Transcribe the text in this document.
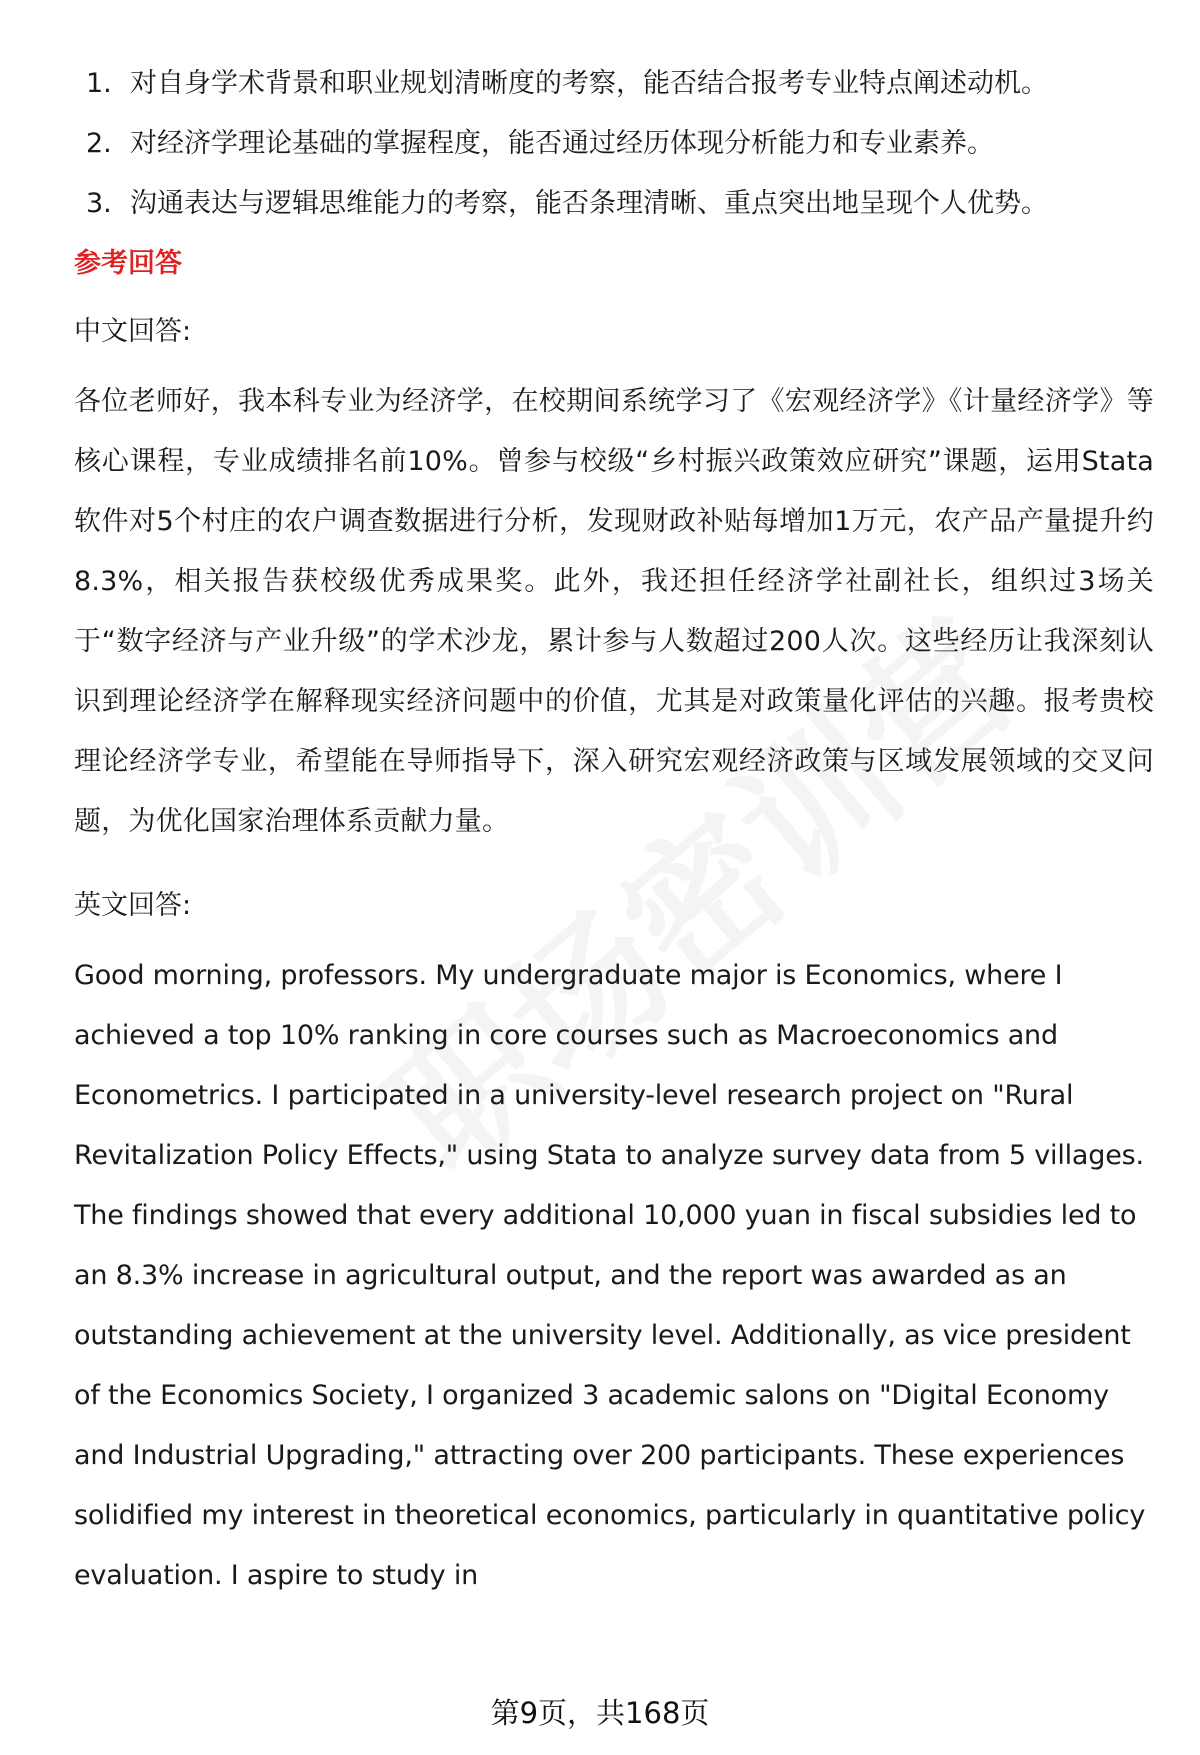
1. 对自身学术背景和职业规划清晰度的考察，能否结合报考专业特点阐述动机。
2. 对经济学理论基础的掌握程度，能否通过经历体现分析能力和专业素养。
3. 沟通表达与逻辑思维能力的考察，能否条理清晰、重点突出地呈现个人优势。
参考回答
中文回答:

各位老师好，我本科专业为经济学，在校期间系统学习了《宏观经济学》《计量经济学》等核心课程，专业成绩排名前10%。曾参与校级“乡村振兴政策效应研究”课题，运用Stata软件对5个村庄的农户调查数据进行分析，发现财政补贴每增加1万元，农产品产量提升约8.3%，相关报告获校级优秀成果奖。此外，我还担任经济学社副社长，组织过3场关于“数字经济与产业升级”的学术沙龙，累计参与人数超过200人次。这些经历让我深刻认识到理论经济学在解释现实经济问题中的价值，尤其是对政策量化评估的兴趣。报考贵校理论经济学专业，希望能在导师指导下，深入研究宏观经济政策与区域发展领域的交叉问题，为优化国家治理体系贡献力量。

英文回答:

Good morning, professors. My undergraduate major is Economics, where I achieved a top 10% ranking in core courses such as Macroeconomics and Econometrics. I participated in a university-level research project on "Rural Revitalization Policy Effects," using Stata to analyze survey data from 5 villages. The findings showed that every additional 10,000 yuan in fiscal subsidies led to an 8.3% increase in agricultural output, and the report was awarded as an outstanding achievement at the university level. Additionally, as vice president of the Economics Society, I organized 3 academic salons on "Digital Economy and Industrial Upgrading," attracting over 200 participants. These experiences solidified my interest in theoretical economics, particularly in quantitative policy evaluation. I aspire to study in

第9页，共168页
